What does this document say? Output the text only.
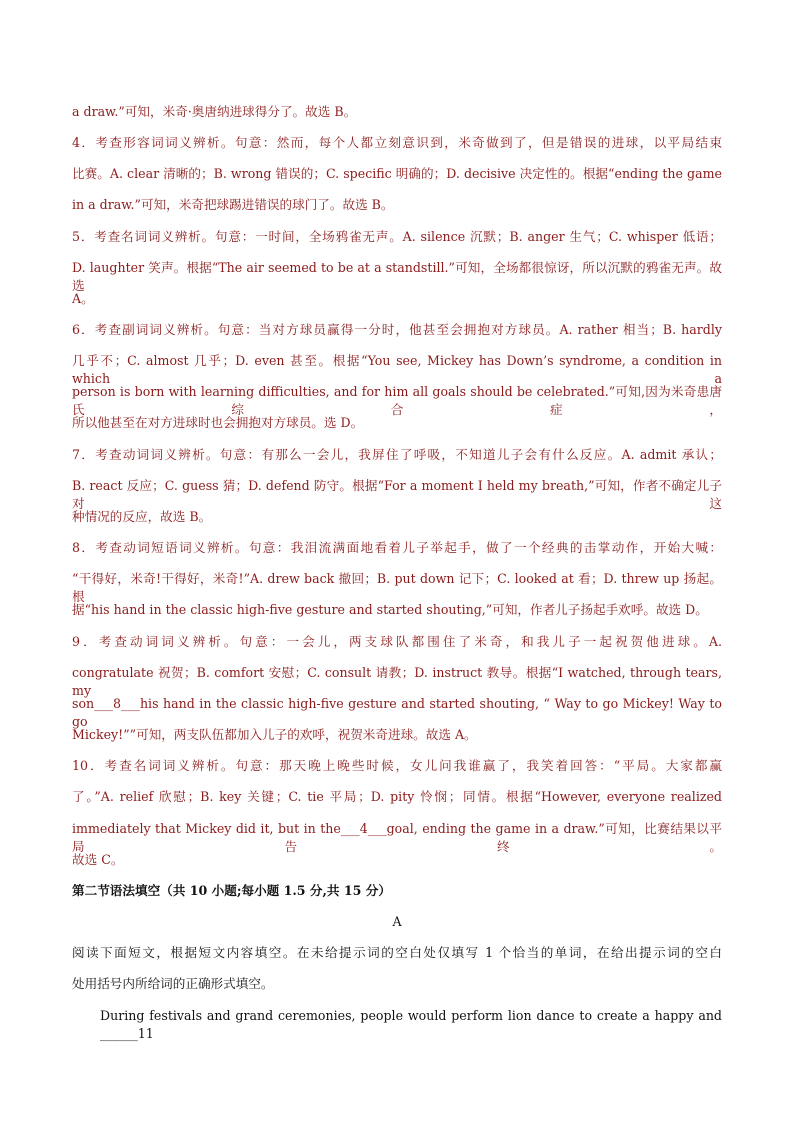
a draw.”可知，米奇·奥唐纳进球得分了。故选 B。
4．考查形容词词义辨析。句意：然而，每个人都立刻意识到，米奇做到了，但是错误的进球，以平局结束
比赛。A. clear 清晰的；B. wrong 错误的；C. specific 明确的；D. decisive 决定性的。根据“ending the game
in a draw.”可知，米奇把球踢进错误的球门了。故选 B。
5．考查名词词义辨析。句意：一时间，全场鸦雀无声。A. silence 沉默；B. anger 生气；C. whisper 低语；
D. laughter 笑声。根据“The air seemed to be at a standstill.”可知，全场都很惊讶，所以沉默的鸦雀无声。故选
A。
6．考查副词词义辨析。句意：当对方球员赢得一分时，他甚至会拥抱对方球员。A. rather 相当；B. hardly
几乎不；C. almost 几乎；D. even 甚至。根据“You see, Mickey has Down’s syndrome, a condition in which a
person is born with learning difficulties, and for him all goals should be celebrated.”可知,因为米奇患唐氏综合症，
所以他甚至在对方进球时也会拥抱对方球员。选 D。
7．考查动词词义辨析。句意：有那么一会儿，我屏住了呼吸，不知道儿子会有什么反应。A. admit 承认；
B. react 反应；C. guess 猜；D. defend 防守。根据“For a moment I held my breath,”可知，作者不确定儿子对这
种情况的反应，故选 B。
8．考查动词短语词义辨析。句意：我泪流满面地看着儿子举起手，做了一个经典的击掌动作，开始大喊：
“干得好，米奇!干得好，米奇!”A. drew back 撤回；B. put down 记下；C. looked at 看；D. threw up 扬起。根
据“his hand in the classic high-five gesture and started shouting,”可知，作者儿子扬起手欢呼。故选 D。
9．考查动词词义辨析。句意：一会儿，两支球队都围住了米奇，和我儿子一起祝贺他进球。A.
congratulate 祝贺；B. comfort 安慰；C. consult 请教；D. instruct 教导。根据“I watched, through tears, my
son___8___his hand in the classic high-five gesture and started shouting, “ Way to go Mickey! Way to go
Mickey!””可知，两支队伍都加入儿子的欢呼，祝贺米奇进球。故选 A。
10．考查名词词义辨析。句意：那天晚上晚些时候，女儿问我谁赢了，我笑着回答：“平局。大家都赢
了。”A. relief 欣慰；B. key 关键；C. tie 平局；D. pity 怜悯；同情。根据“However, everyone realized
immediately that Mickey did it, but in the___4___goal, ending the game in a draw.”可知，比赛结果以平局告终。
故选 C。
第二节语法填空（共 10 小题;每小题 1.5 分,共 15 分）
A
阅读下面短文，根据短文内容填空。在未给提示词的空白处仅填写 1 个恰当的单词，在给出提示词的空白
处用括号内所给词的正确形式填空。
During festivals and grand ceremonies, people would perform lion dance to create a happy and ______11
